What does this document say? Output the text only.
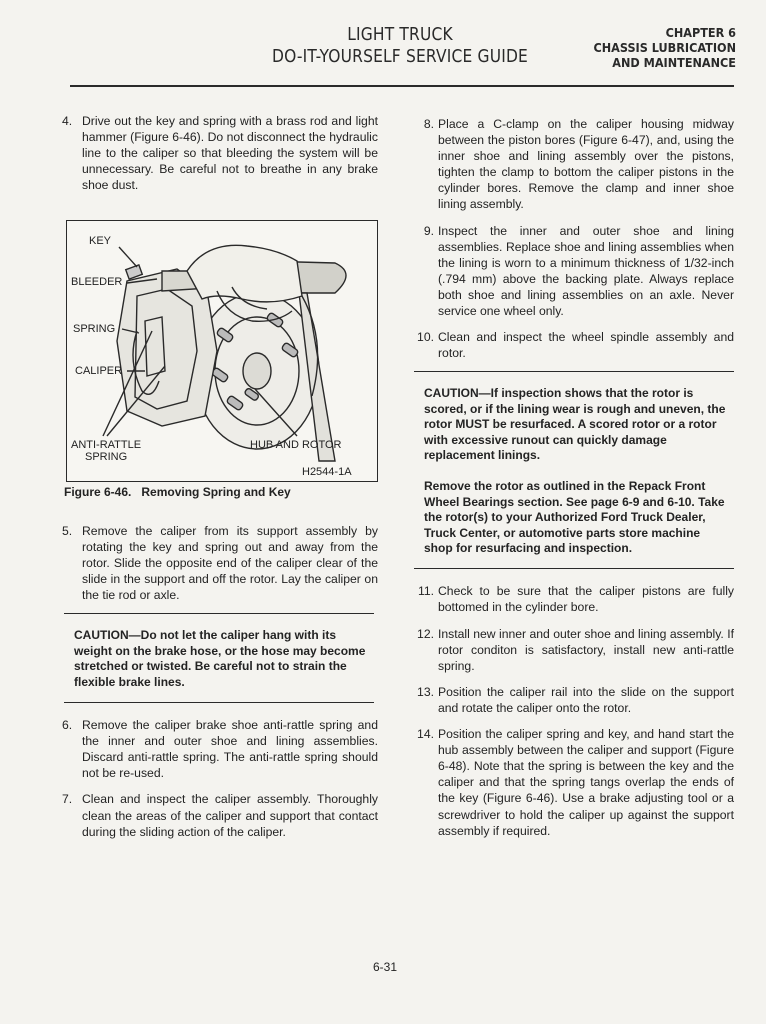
LIGHT TRUCK
DO-IT-YOURSELF SERVICE GUIDE
CHAPTER 6
CHASSIS LUBRICATION
AND MAINTENANCE
4. Drive out the key and spring with a brass rod and light hammer (Figure 6-46). Do not disconnect the hydraulic line to the caliper so that bleeding the system will be unnecessary. Be careful not to breathe in any brake shoe dust.
KEY
BLEEDER
SPRING
CALIPER
ANTI-RATTLE
SPRING
HUB AND ROTOR
H2544-1A
Figure 6-46. Removing Spring and Key
5. Remove the caliper from its support assembly by rotating the key and spring out and away from the rotor. Slide the opposite end of the caliper clear of the slide in the support and off the rotor. Lay the caliper on the tie rod or axle.

CAUTION—Do not let the caliper hang with its weight on the brake hose, or the hose may become stretched or twisted. Be careful not to strain the flexible brake lines.

6. Remove the caliper brake shoe anti-rattle spring and the inner and outer shoe and lining assemblies. Discard anti-rattle spring. The anti-rattle spring should not be re-used.
7. Clean and inspect the caliper assembly. Thoroughly clean the areas of the caliper and support that contact during the sliding action of the caliper.
8. Place a C-clamp on the caliper housing midway between the piston bores (Figure 6-47), and, using the inner shoe and lining assembly over the pistons, tighten the clamp to bottom the caliper pistons in the cylinder bores. Remove the clamp and inner shoe lining assembly.
9. Inspect the inner and outer shoe and lining assemblies. Replace shoe and lining assemblies when the lining is worn to a minimum thickness of 1/32-inch (.794 mm) above the backing plate. Always replace both shoe and lining assemblies on an axle. Never service one wheel only.
10. Clean and inspect the wheel spindle assembly and rotor.

CAUTION—If inspection shows that the rotor is scored, or if the lining wear is rough and uneven, the rotor MUST be resurfaced. A scored rotor or a rotor with excessive runout can quickly damage replacement linings.

Remove the rotor as outlined in the Repack Front Wheel Bearings section. See page 6-9 and 6-10. Take the rotor(s) to your Authorized Ford Truck Dealer, Truck Center, or automotive parts store machine shop for resurfacing and inspection.

11. Check to be sure that the caliper pistons are fully bottomed in the cylinder bore.
12. Install new inner and outer shoe and lining assembly. If rotor conditon is satisfactory, install new anti-rattle spring.
13. Position the caliper rail into the slide on the support and rotate the caliper onto the rotor.
14. Position the caliper spring and key, and hand start the hub assembly between the caliper and support (Figure 6-48). Note that the spring is between the key and the caliper and that the spring tangs overlap the ends of the key (Figure 6-46). Use a brake adjusting tool or a screwdriver to hold the caliper up against the support assembly if required.
6-31
